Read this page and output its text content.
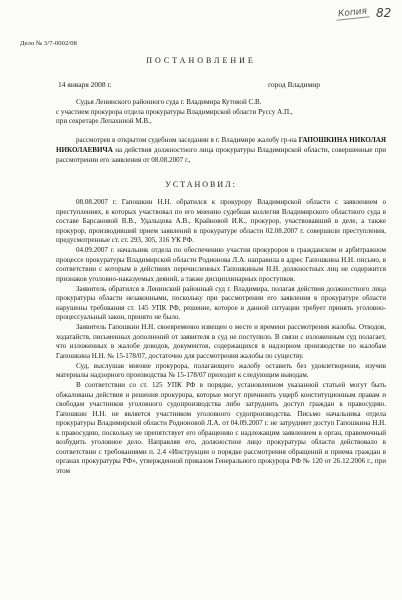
Копия 82
Дело № 3/7-0002/08
ПОСТАНОВЛЕНИЕ
14 января 2008 г.	город Владимир

Судья Ленинского районного суда г. Владимира Кутовой С.В.

с участием прокурора отдела прокуратуры Владимирской области Руссу А.П.,

при секретаре Лепахиной М.В.,

рассмотрев в открытом судебном заседании в г. Владимире жалобу гр-на ГАПОШКИНА НИКОЛАЯ НИКОЛАЕВИЧА на действия должностного лица прокуратуры Владимирской области, совершенные при рассмотрении его заявления от 08.08.2007 г.,

УСТАНОВИЛ:

08.08.2007 г. Гапошкин Н.Н. обратился к прокурору Владимирской области с заявлением о преступлениях, в которых участвовал по его мнению судебная коллегия Владимирского областного суда в составе Барсановой В.В., Удальцова А.В., Крайновой И.К., прокурор, участвовавший в деле, а также прокурор, производивший прием заявлений в прокуратуре области 02.08.2007 г. совершили преступления, предусмотренные ст. ст. 293, 305, 316 УК РФ.

04.09.2007 г. начальник отдела по обеспечению участия прокуроров в гражданском и арбитражном процессе прокуратуры Владимирской области Родионова Л.А. направила в адрес Гапошкина Н.Н. письмо, в соответствии с которым в действиях перечисленных Гапошкиным Н.Н. должностных лиц не содержится признаков уголовно-наказуемых деяний, а также дисциплинарных проступков.

Заявитель обратился в Ленинский районный суд г. Владимира, полагая действия должностного лица прокуратуры области незаконными, поскольку при рассмотрении его заявления в прокуратуре области нарушены требования ст. 145 УПК РФ, решение, которое в данной ситуации требует принять уголовно-процессуальный закон, принято не было.

Заявитель Гапошкин Н.Н. своевременно извещен о месте и времени рассмотрения жалобы. Отводов, ходатайств, письменных дополнений от заявителя в суд не поступило. В связи с изложенным суд полагает, что изложенных в жалобе доводов, документов, содержащихся в надзорном производстве по жалобам Гапошкина Н.Н. № 15-178/07, достаточно для рассмотрения жалобы по существу.

Суд, выслушав мнение прокурора, полагающего жалобу оставить без удовлетворения, изучив материалы надзорного производства № 15-178/07 приходит к следующим выводам.

В соответствии со ст. 125 УПК РФ в порядке, установленном указанной статьей могут быть обжалованы действия и решения прокурора, которые могут причинить ущерб конституционным правам и свободам участников уголовного судопроизводства либо затруднить доступ граждан к правосудию. Гапошкин Н.Н. не является участником уголовного судопроизводства. Письмо начальника отдела прокуратуры Владимирской области Родионовой Л.А. от 04.09.2007 г. не затрудняет доступ Гапошкина Н.Н. к правосудию, поскольку не препятствует его обращению с надлежащим заявлением в орган, правомочный возбудить уголовное дело. Направляя его, должностное лицо прокуратуры области действовало в соответствии с требованиями п. 2.4 «Инструкции о порядке рассмотрения обращений и приема граждан в органах прокуратуры РФ», утвержденной приказом Генерального прокурора РФ № 120 от 26.12.2006 г., при этом
